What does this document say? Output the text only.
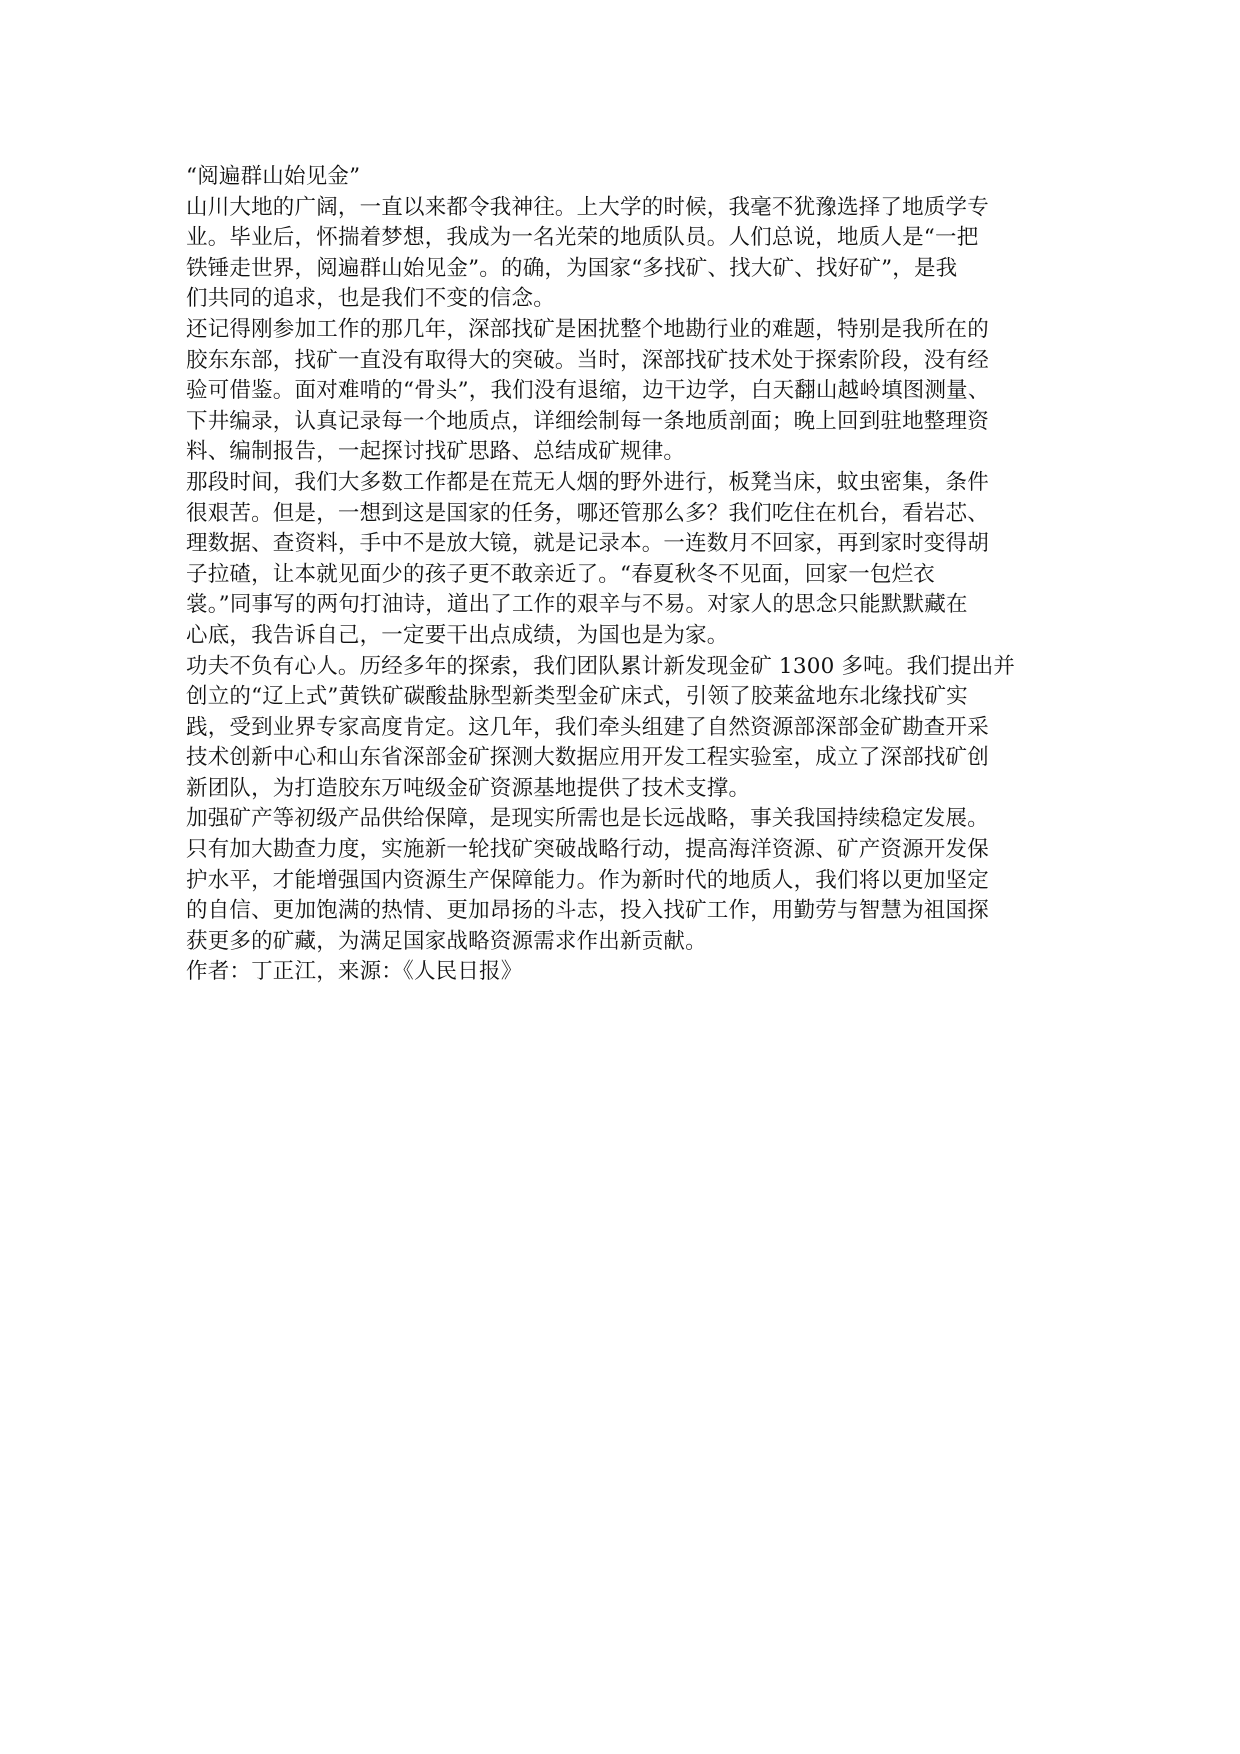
“阅遍群山始见金”
山川大地的广阔，一直以来都令我神往。上大学的时候，我毫不犹豫选择了地质学专
业。毕业后，怀揣着梦想，我成为一名光荣的地质队员。人们总说，地质人是“一把
铁锤走世界，阅遍群山始见金”。的确，为国家“多找矿、找大矿、找好矿”，是我
们共同的追求，也是我们不变的信念。
还记得刚参加工作的那几年，深部找矿是困扰整个地勘行业的难题，特别是我所在的
胶东东部，找矿一直没有取得大的突破。当时，深部找矿技术处于探索阶段，没有经
验可借鉴。面对难啃的“骨头”，我们没有退缩，边干边学，白天翻山越岭填图测量、
下井编录，认真记录每一个地质点，详细绘制每一条地质剖面；晚上回到驻地整理资
料、编制报告，一起探讨找矿思路、总结成矿规律。
那段时间，我们大多数工作都是在荒无人烟的野外进行，板凳当床，蚊虫密集，条件
很艰苦。但是，一想到这是国家的任务，哪还管那么多？我们吃住在机台，看岩芯、
理数据、查资料，手中不是放大镜，就是记录本。一连数月不回家，再到家时变得胡
子拉碴，让本就见面少的孩子更不敢亲近了。“春夏秋冬不见面，回家一包烂衣
裳。”同事写的两句打油诗，道出了工作的艰辛与不易。对家人的思念只能默默藏在
心底，我告诉自己，一定要干出点成绩，为国也是为家。
功夫不负有心人。历经多年的探索，我们团队累计新发现金矿 1300 多吨。我们提出并
创立的“辽上式”黄铁矿碳酸盐脉型新类型金矿床式，引领了胶莱盆地东北缘找矿实
践，受到业界专家高度肯定。这几年，我们牵头组建了自然资源部深部金矿勘查开采
技术创新中心和山东省深部金矿探测大数据应用开发工程实验室，成立了深部找矿创
新团队，为打造胶东万吨级金矿资源基地提供了技术支撑。
加强矿产等初级产品供给保障，是现实所需也是长远战略，事关我国持续稳定发展。
只有加大勘查力度，实施新一轮找矿突破战略行动，提高海洋资源、矿产资源开发保
护水平，才能增强国内资源生产保障能力。作为新时代的地质人，我们将以更加坚定
的自信、更加饱满的热情、更加昂扬的斗志，投入找矿工作，用勤劳与智慧为祖国探
获更多的矿藏，为满足国家战略资源需求作出新贡献。
作者：丁正江，来源：《人民日报》
